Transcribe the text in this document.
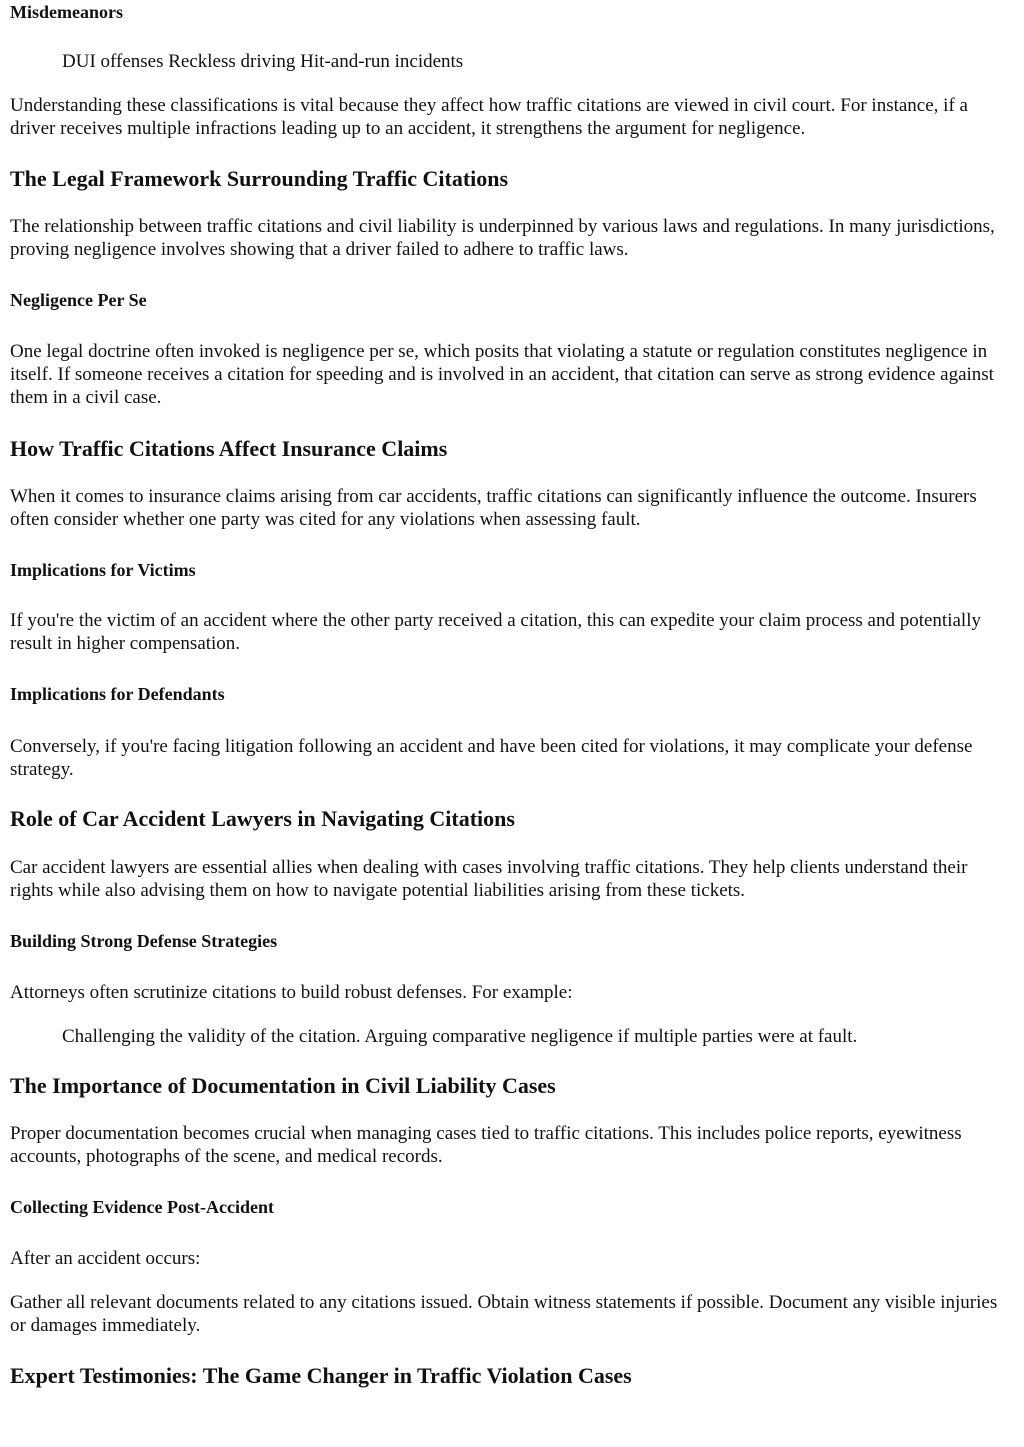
Misdemeanors

DUI offenses Reckless driving Hit-and-run incidents

Understanding these classifications is vital because they affect how traffic citations are viewed in civil court. For instance, if a driver receives multiple infractions leading up to an accident, it strengthens the argument for negligence.

The Legal Framework Surrounding Traffic Citations

The relationship between traffic citations and civil liability is underpinned by various laws and regulations. In many jurisdictions, proving negligence involves showing that a driver failed to adhere to traffic laws.

Negligence Per Se

One legal doctrine often invoked is negligence per se, which posits that violating a statute or regulation constitutes negligence in itself. If someone receives a citation for speeding and is involved in an accident, that citation can serve as strong evidence against them in a civil case.

How Traffic Citations Affect Insurance Claims

When it comes to insurance claims arising from car accidents, traffic citations can significantly influence the outcome. Insurers often consider whether one party was cited for any violations when assessing fault.

Implications for Victims

If you're the victim of an accident where the other party received a citation, this can expedite your claim process and potentially result in higher compensation.

Implications for Defendants

Conversely, if you're facing litigation following an accident and have been cited for violations, it may complicate your defense strategy.

Role of Car Accident Lawyers in Navigating Citations

Car accident lawyers are essential allies when dealing with cases involving traffic citations. They help clients understand their rights while also advising them on how to navigate potential liabilities arising from these tickets.

Building Strong Defense Strategies

Attorneys often scrutinize citations to build robust defenses. For example:

Challenging the validity of the citation. Arguing comparative negligence if multiple parties were at fault.

The Importance of Documentation in Civil Liability Cases

Proper documentation becomes crucial when managing cases tied to traffic citations. This includes police reports, eyewitness accounts, photographs of the scene, and medical records.

Collecting Evidence Post-Accident

After an accident occurs:

Gather all relevant documents related to any citations issued. Obtain witness statements if possible. Document any visible injuries or damages immediately.

Expert Testimonies: The Game Changer in Traffic Violation Cases
